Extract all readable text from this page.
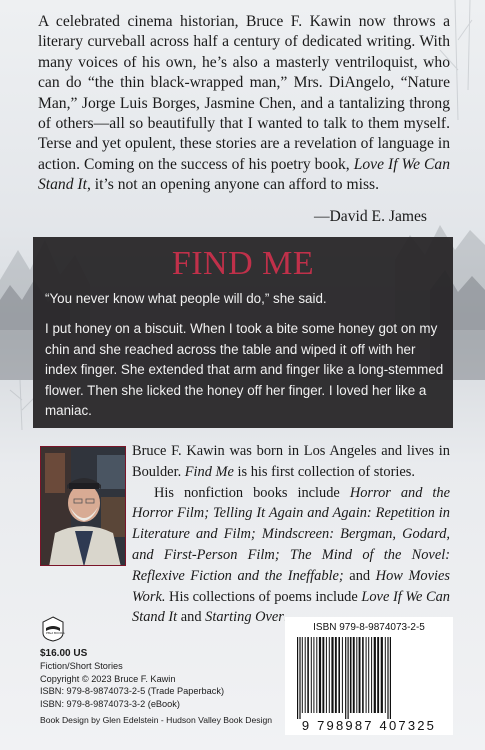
A celebrated cinema historian, Bruce F. Kawin now throws a literary curveball across half a century of dedicated writing. With many voices of his own, he’s also a masterly ventriloquist, who can do “the thin black-wrapped man,” Mrs. DiAngelo, “Nature Man,” Jorge Luis Borges, Jasmine Chen, and a tantalizing throng of others—all so beautifully that I wanted to talk to them myself. Terse and yet opulent, these stories are a revelation of language in action. Coming on the success of his poetry book, Love If We Can Stand It, it’s not an opening anyone can afford to miss.

—David E. James
FIND ME

“You never know what people will do,” she said.

I put honey on a biscuit. When I took a bite some honey got on my chin and she reached across the table and wiped it off with her index finger. She extended that arm and finger like a long-stemmed flower. Then she licked the honey off her finger. I loved her like a maniac.

Bruce F. Kawin was born in Los Angeles and lives in Boulder. Find Me is his first collection of stories.
His nonfiction books include Horror and the Horror Film; Telling It Again and Again: Repetition in Literature and Film; Mindscreen: Bergman, Godard, and First-Person Film; The Mind of the Novel: Reflexive Fiction and the Ineffable; and How Movies Work. His collections of poems include Love If We Can Stand It and Starting Over

PBeJ BOOKS
$16.00 US
Fiction/Short Stories
Copyright © 2023 Bruce F. Kawin
ISBN: 979-8-9874073-2-5 (Trade Paperback)
ISBN: 979-8-9874073-3-2 (eBook)
Book Design by Glen Edelstein - Hudson Valley Book Design
ISBN 979-8-9874073-2-5
9 798987 407325
